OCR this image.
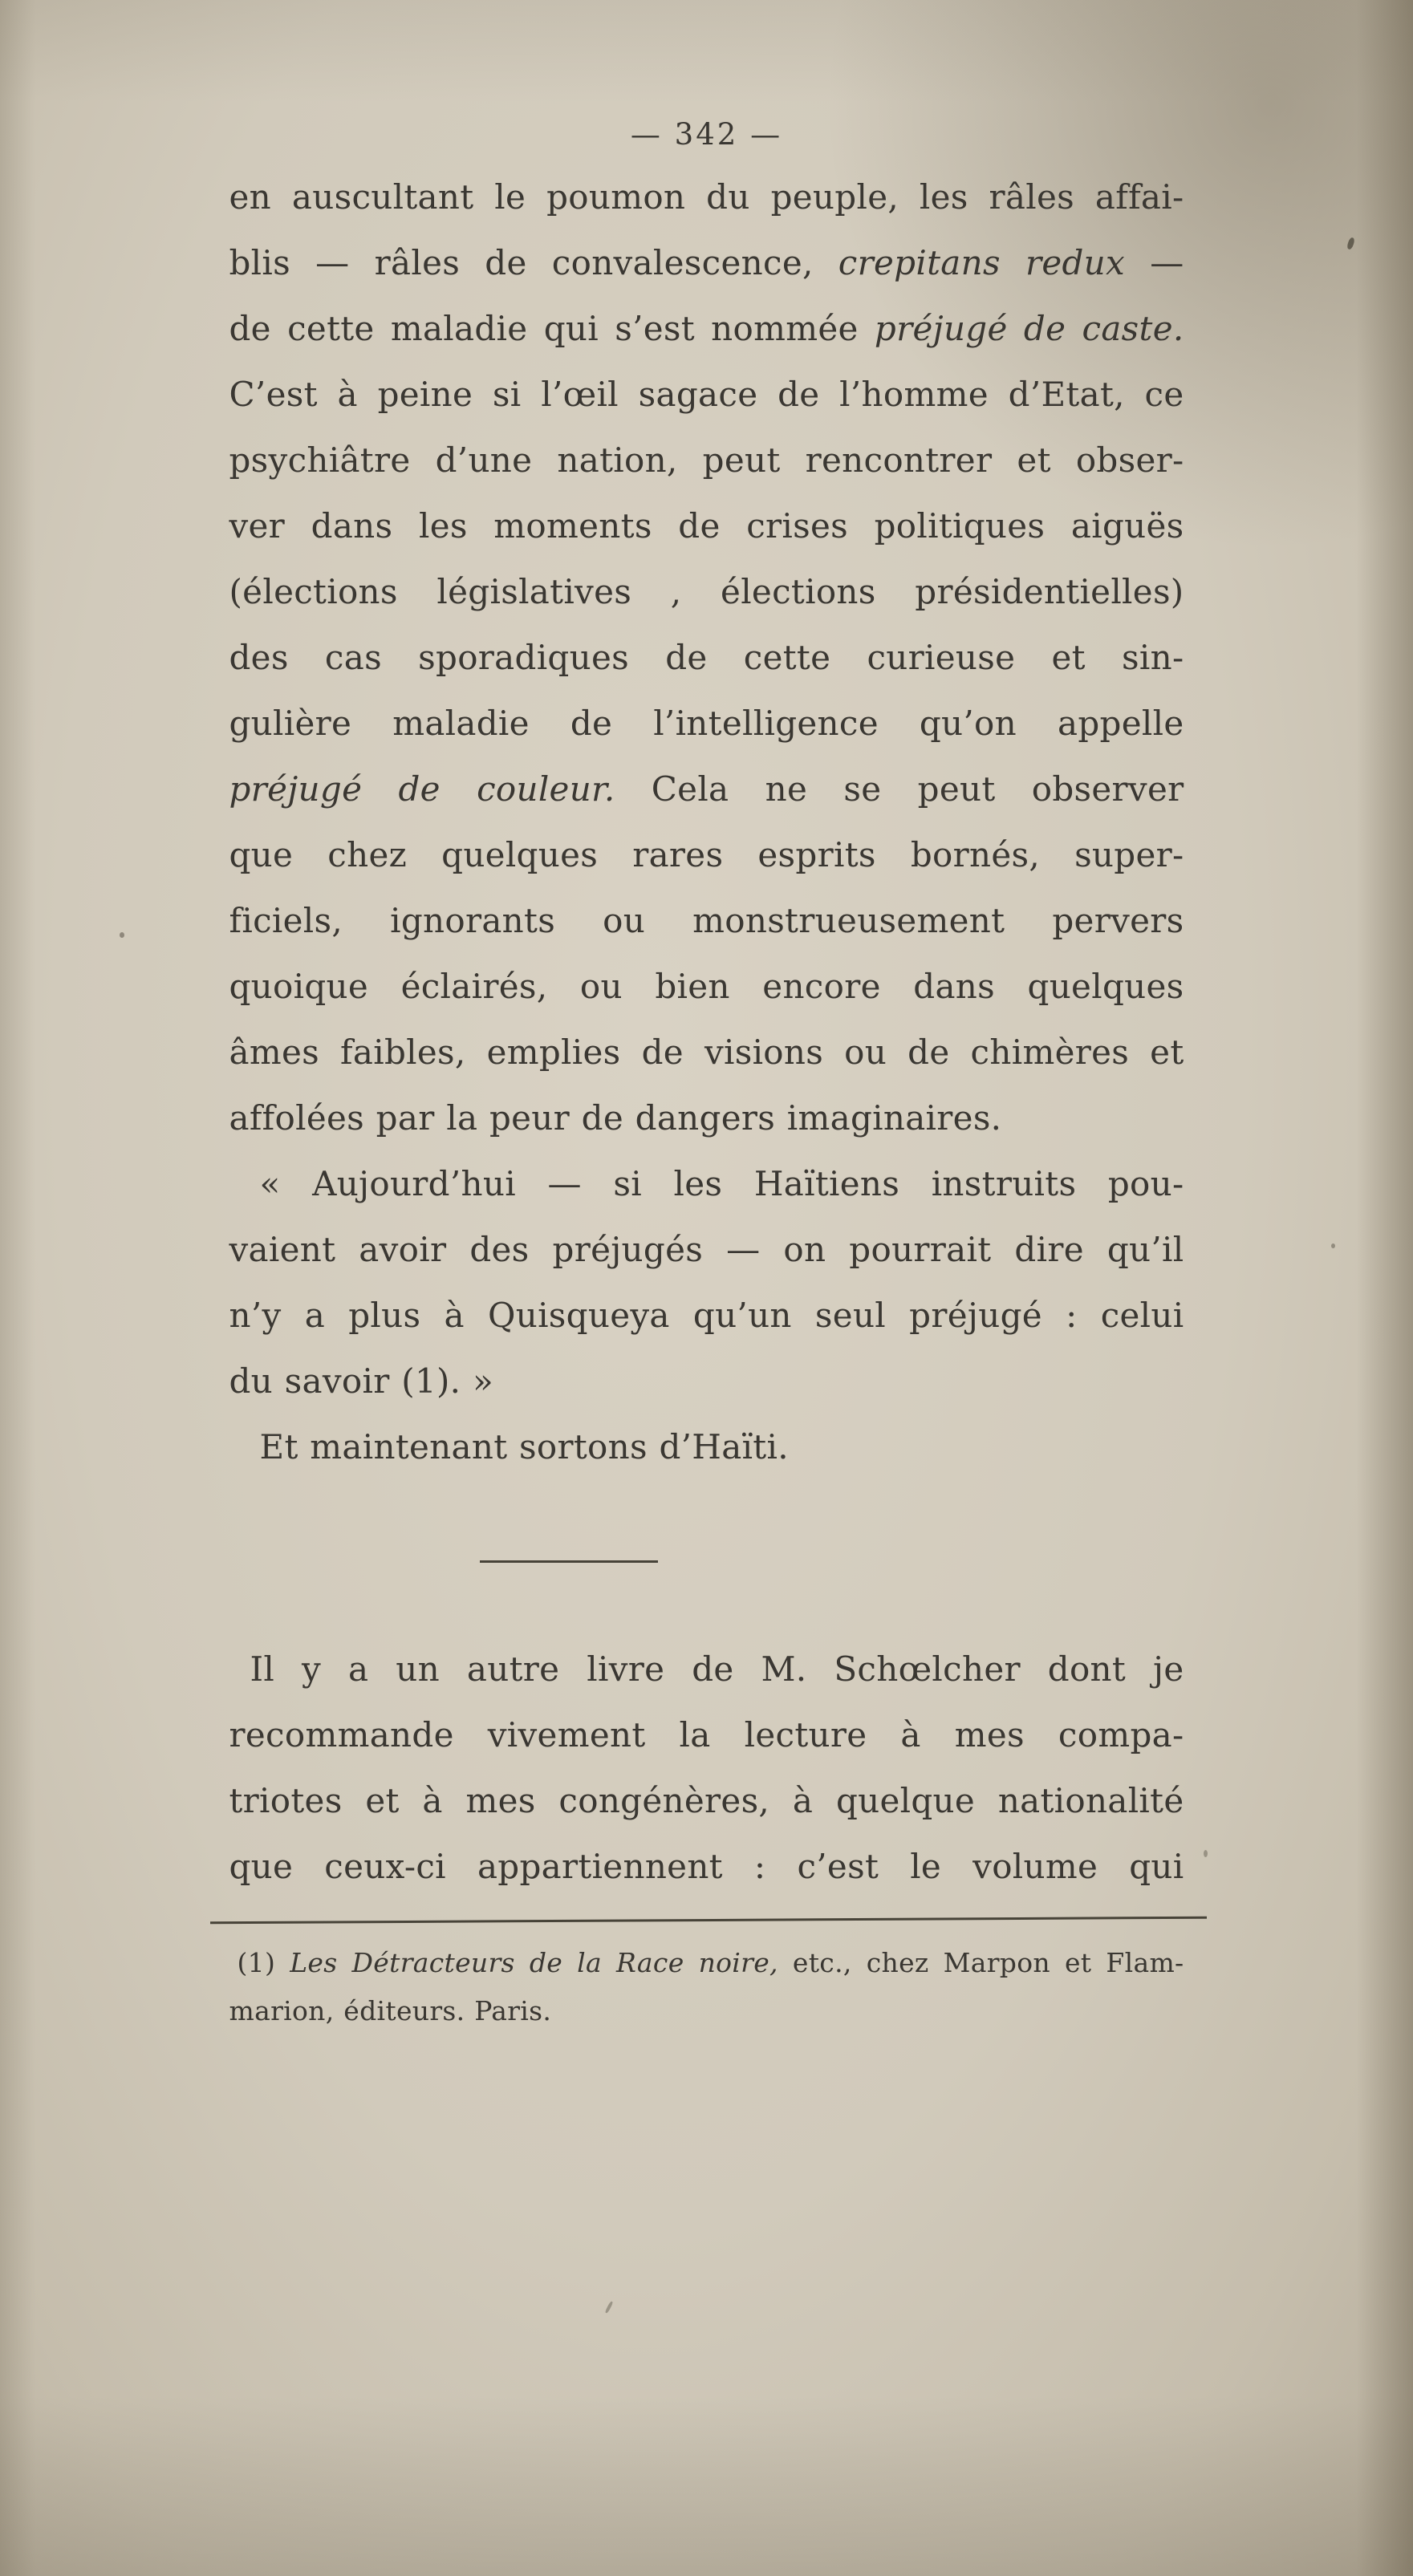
— 342 —
en auscultant le poumon du peuple, les râles affai-
blis — râles de convalescence, crepitans redux —
de cette maladie qui s’est nommée préjugé de caste.
C’est à peine si l’œil sagace de l’homme d’Etat, ce
psychiâtre d’une nation, peut rencontrer et obser-
ver dans les moments de crises politiques aiguës
(élections législatives , élections présidentielles)
des cas sporadiques de cette curieuse et sin-
gulière maladie de l’intelligence qu’on appelle
préjugé de couleur. Cela ne se peut observer
que chez quelques rares esprits bornés, super-
ficiels, ignorants ou monstrueusement pervers
quoique éclairés, ou bien encore dans quelques
âmes faibles, emplies de visions ou de chimères et
affolées par la peur de dangers imaginaires.
« Aujourd’hui — si les Haïtiens instruits pou-
vaient avoir des préjugés — on pourrait dire qu’il
n’y a plus à Quisqueya qu’un seul préjugé : celui
du savoir (1). »
Et maintenant sortons d’Haïti.
Il y a un autre livre de M. Schœlcher dont je
recommande vivement la lecture à mes compa-
triotes et à mes congénères, à quelque nationalité
que ceux-ci appartiennent : c’est le volume qui
(1) Les Détracteurs de la Race noire, etc., chez Marpon et Flam-
marion, éditeurs. Paris.
